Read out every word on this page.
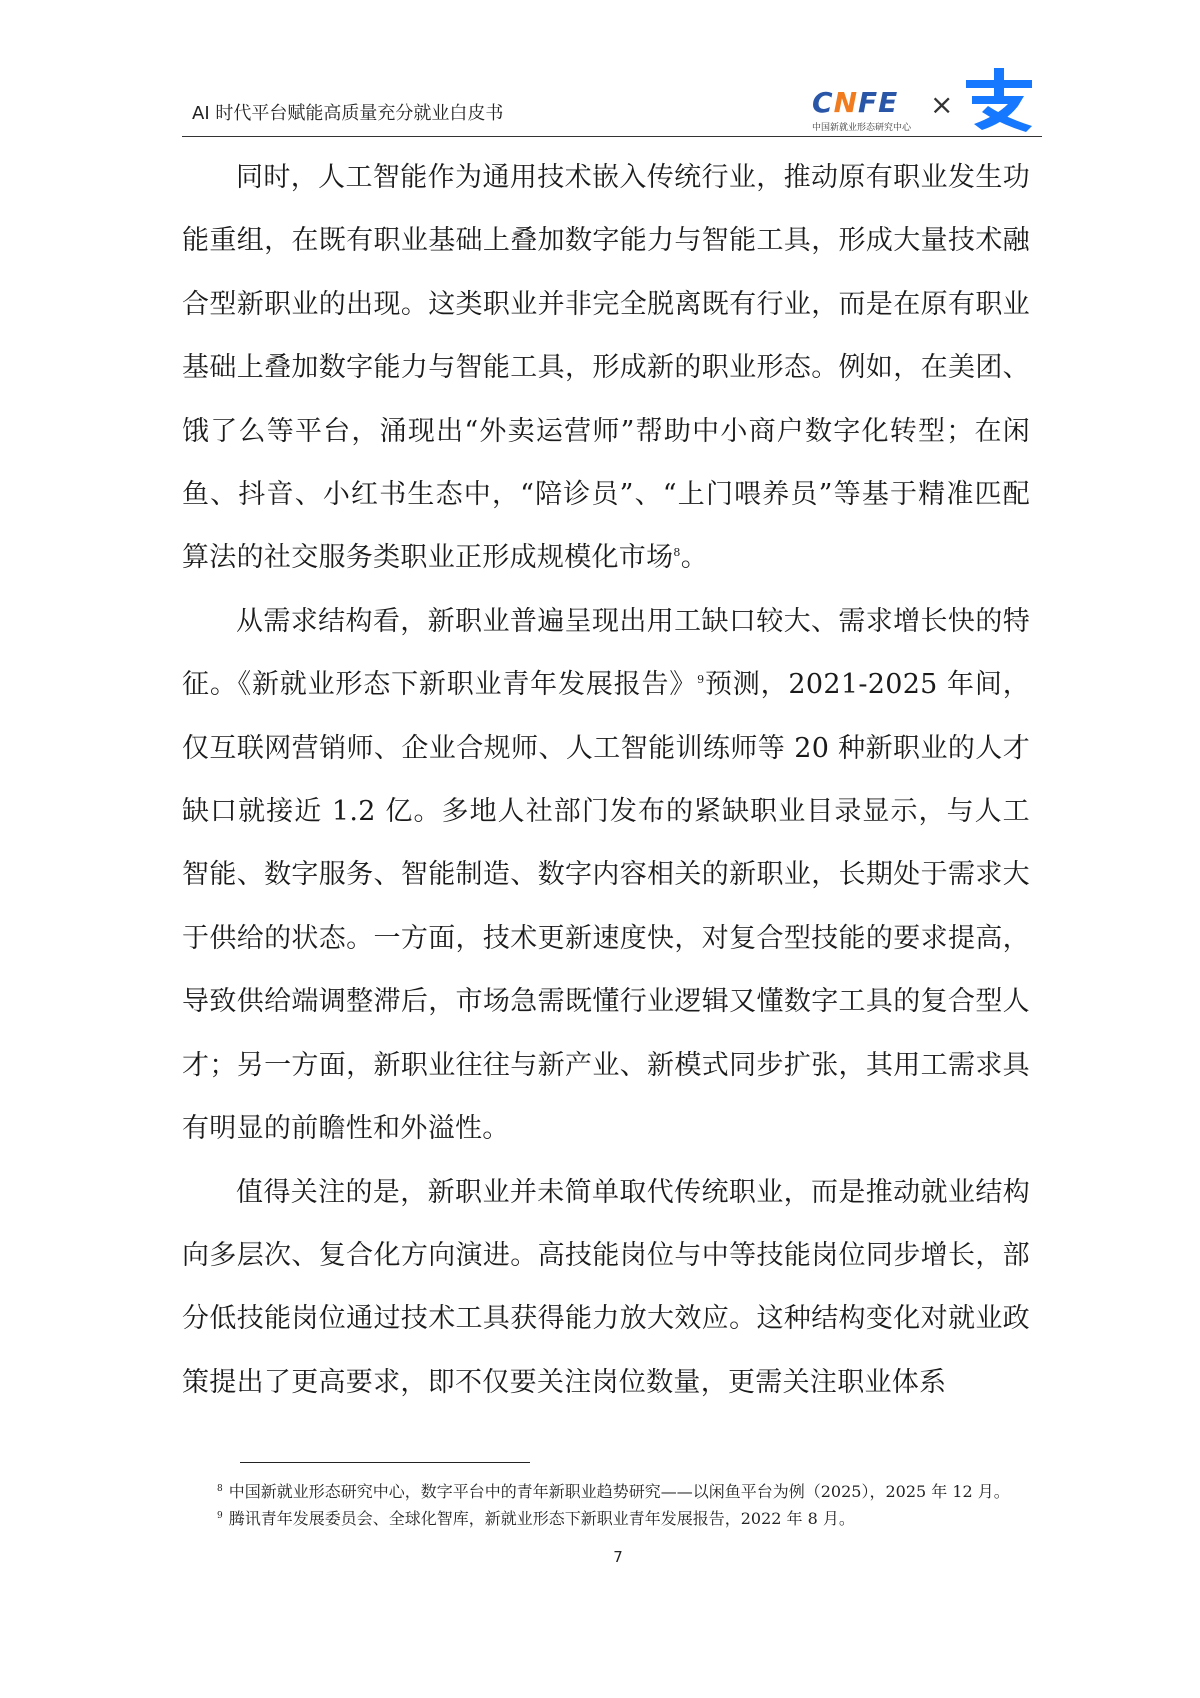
AI 时代平台赋能高质量充分就业白皮书	CNFE
中国新就业形态研究中心
×

同时，人工智能作为通用技术嵌入传统行业，推动原有职业发生功能重组，在既有职业基础上叠加数字能力与智能工具，形成大量技术融合型新职业的出现。这类职业并非完全脱离既有行业，而是在原有职业基础上叠加数字能力与智能工具，形成新的职业形态。例如，在美团、饿了么等平台，涌现出“外卖运营师”帮助中小商户数字化转型；在闲鱼、抖音、小红书生态中，“陪诊员”、“上门喂养员”等基于精准匹配算法的社交服务类职业正形成规模化市场$^8$。

从需求结构看，新职业普遍呈现出用工缺口较大、需求增长快的特征。《新就业形态下新职业青年发展报告》$^9$预测，2021-2025 年间，仅互联网营销师、企业合规师、人工智能训练师等 20 种新职业的人才缺口就接近 1.2 亿。多地人社部门发布的紧缺职业目录显示，与人工智能、数字服务、智能制造、数字内容相关的新职业，长期处于需求大于供给的状态。一方面，技术更新速度快，对复合型技能的要求提高，导致供给端调整滞后，市场急需既懂行业逻辑又懂数字工具的复合型人才；另一方面，新职业往往与新产业、新模式同步扩张，其用工需求具有明显的前瞻性和外溢性。

值得关注的是，新职业并未简单取代传统职业，而是推动就业结构向多层次、复合化方向演进。高技能岗位与中等技能岗位同步增长，部分低技能岗位通过技术工具获得能力放大效应。这种结构变化对就业政策提出了更高要求，即不仅要关注岗位数量，更需关注职业体系

$^8$ 中国新就业形态研究中心，数字平台中的青年新职业趋势研究——以闲鱼平台为例（2025），2025 年 12 月。

$^9$ 腾讯青年发展委员会、全球化智库，新就业形态下新职业青年发展报告，2022 年 8 月。

7
